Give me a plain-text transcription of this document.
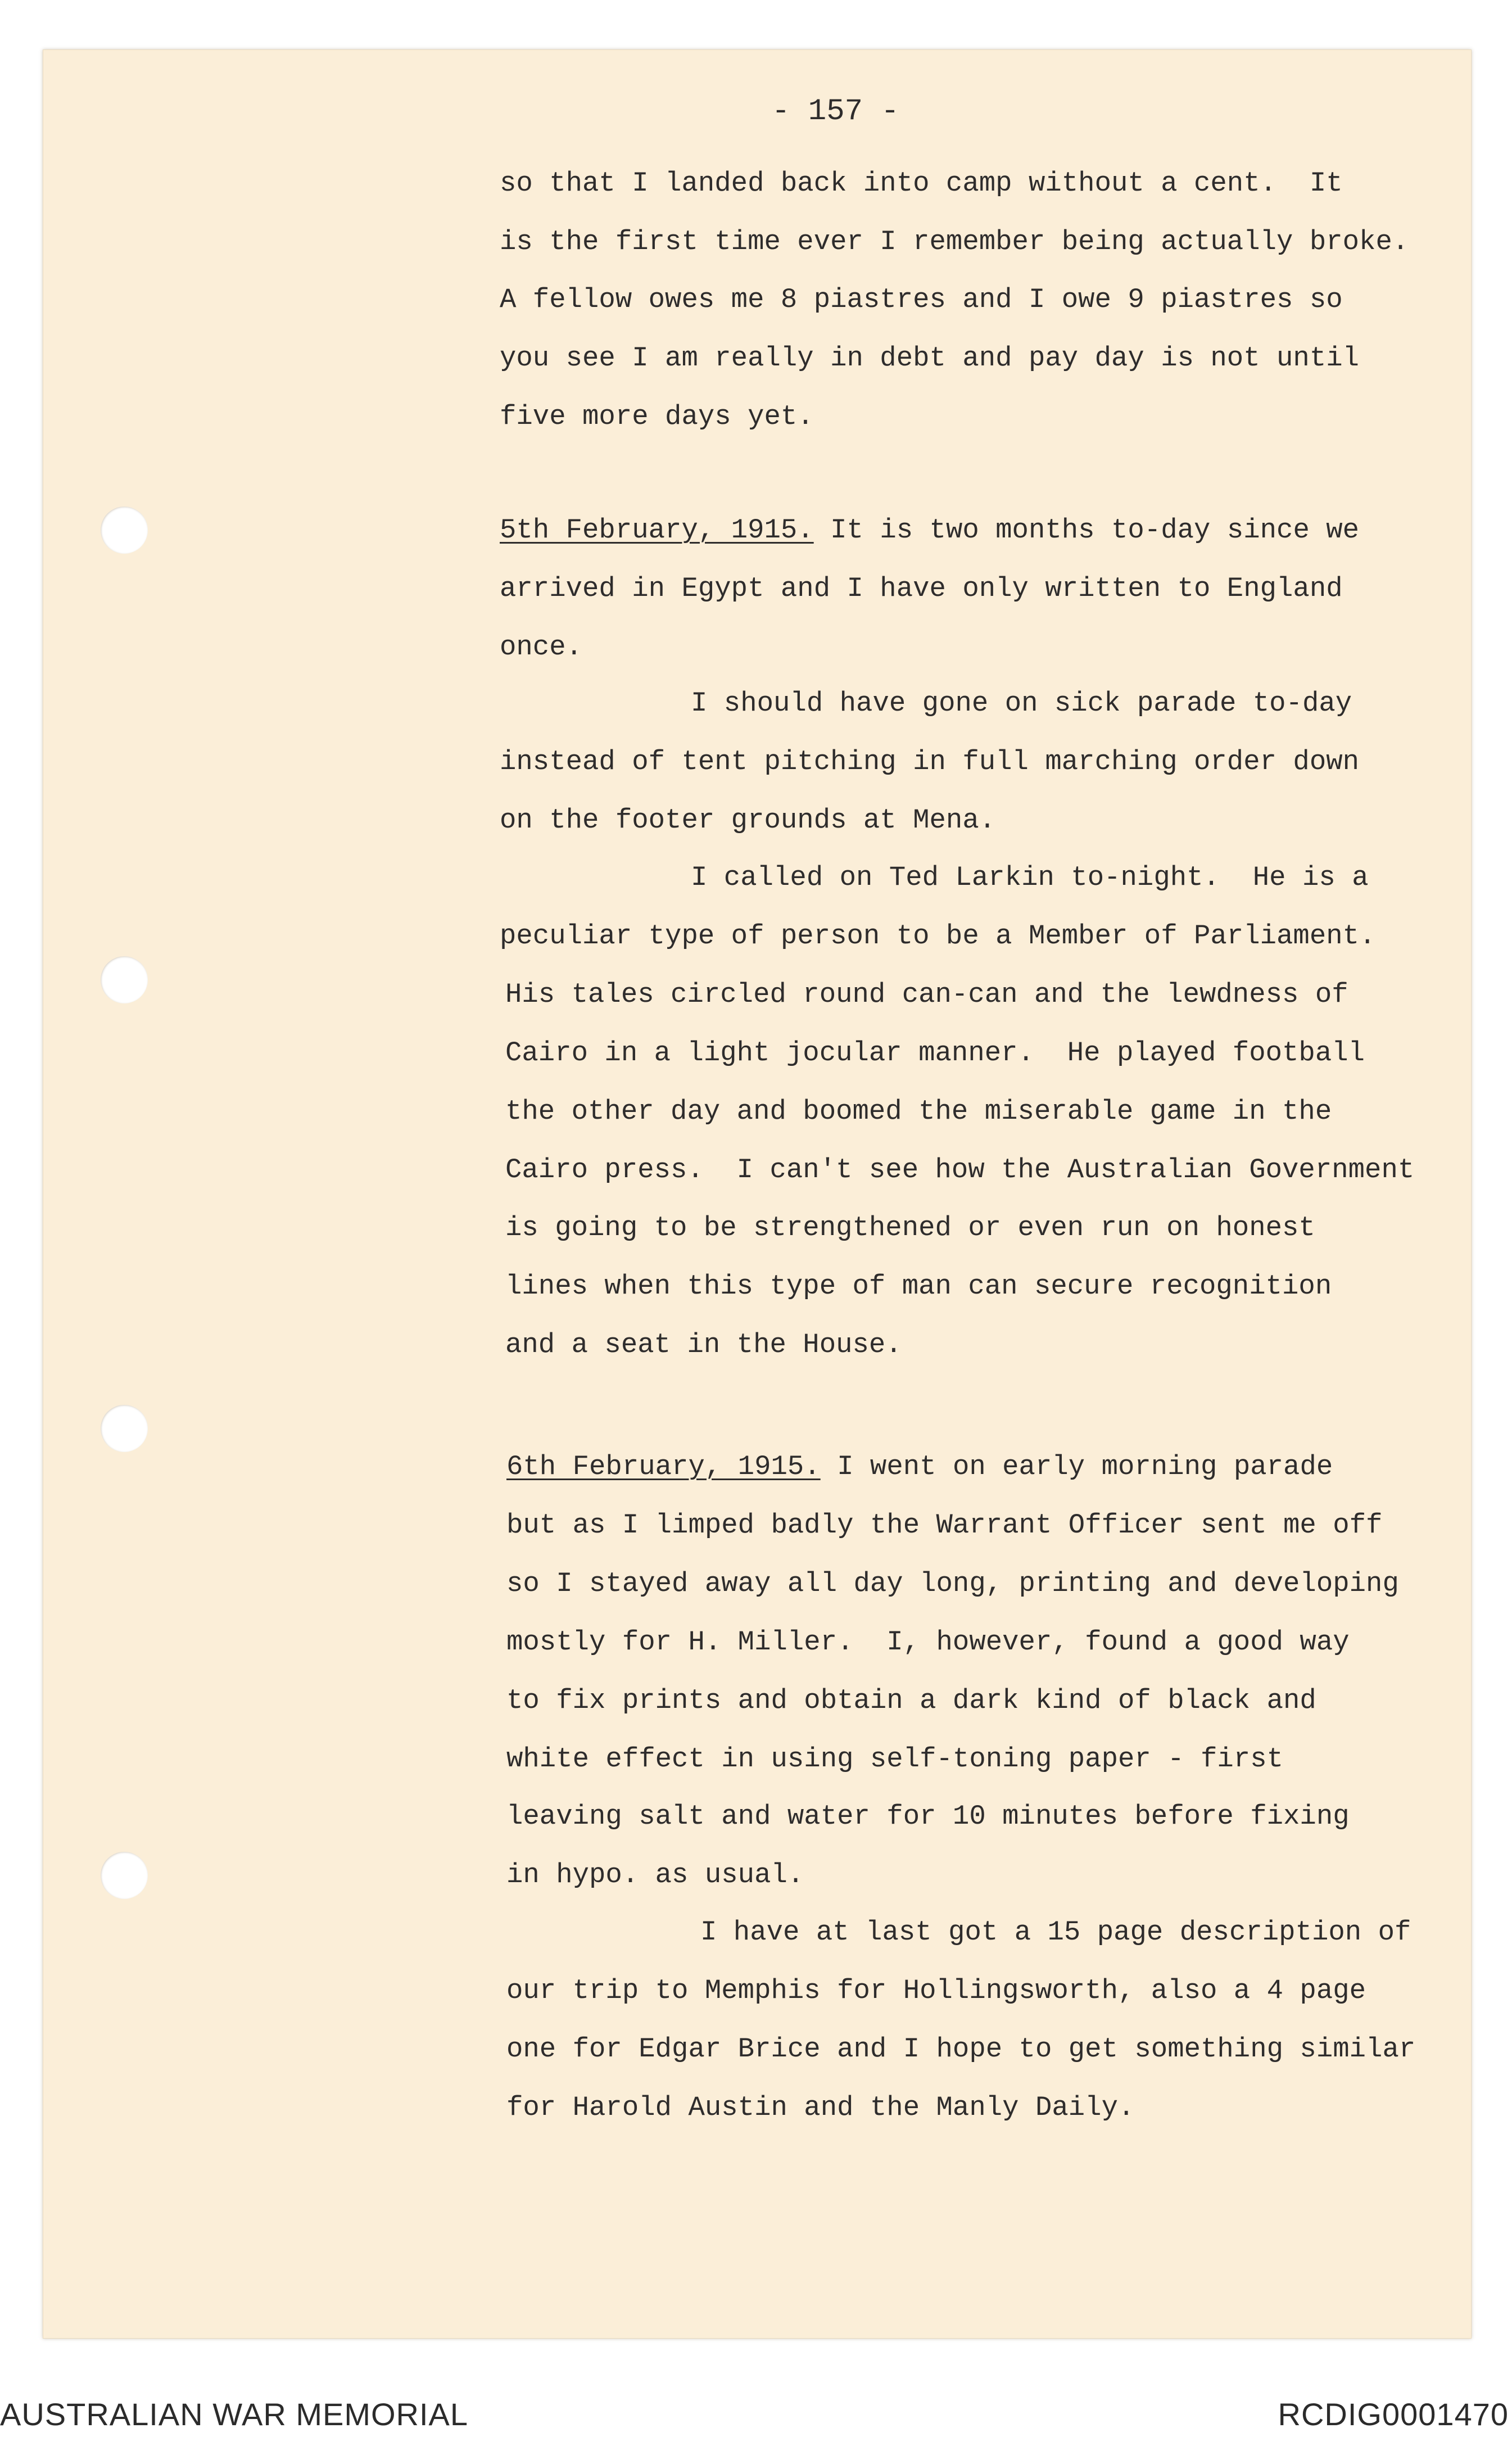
- 157 -

so that I landed back into camp without a cent.  It

is the first time ever I remember being actually broke.

A fellow owes me 8 piastres and I owe 9 piastres so

you see I am really in debt and pay day is not until

five more days yet.

5th February, 1915. It is two months to-day since we

arrived in Egypt and I have only written to England

once.

I should have gone on sick parade to-day

instead of tent pitching in full marching order down

on the footer grounds at Mena.

I called on Ted Larkin to-night.  He is a

peculiar type of person to be a Member of Parliament.

His tales circled round can-can and the lewdness of

Cairo in a light jocular manner.  He played football

the other day and boomed the miserable game in the

Cairo press.  I can't see how the Australian Government

is going to be strengthened or even run on honest

lines when this type of man can secure recognition

and a seat in the House.

6th February, 1915. I went on early morning parade

but as I limped badly the Warrant Officer sent me off

so I stayed away all day long, printing and developing

mostly for H. Miller.  I, however, found a good way

to fix prints and obtain a dark kind of black and

white effect in using self-toning paper - first

leaving salt and water for 10 minutes before fixing

in hypo. as usual.

I have at last got a 15 page description of

our trip to Memphis for Hollingsworth, also a 4 page

one for Edgar Brice and I hope to get something similar

for Harold Austin and the Manly Daily.

AUSTRALIAN WAR MEMORIAL	RCDIG0001470
